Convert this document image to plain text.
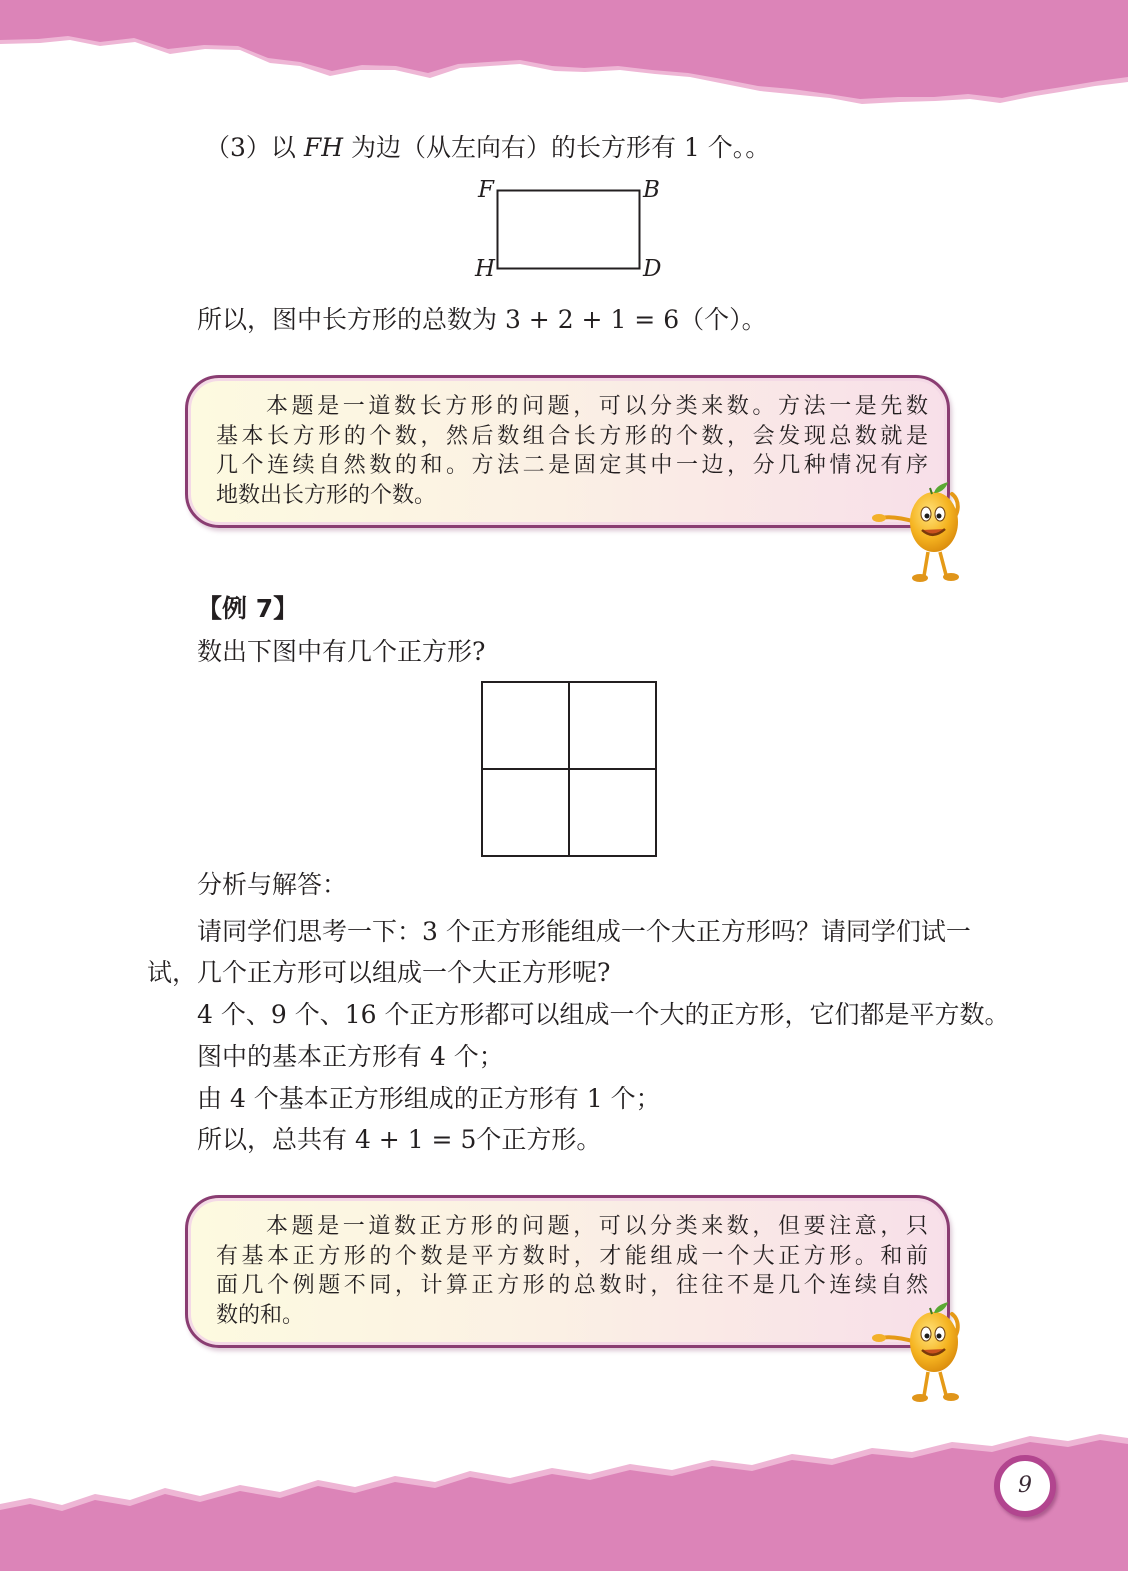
（3）以 FH 为边（从左向右）的长方形有 1 个。。
F	B
H	D
所以，图中长方形的总数为 3 + 2 + 1 = 6（个）。
本题是一道数长方形的问题，可以分类来数。方法一是先数
基本长方形的个数，然后数组合长方形的个数，会发现总数就是
几个连续自然数的和。方法二是固定其中一边，分几种情况有序
地数出长方形的个数。
【例 7】
数出下图中有几个正方形?
分析与解答：
请同学们思考一下：3 个正方形能组成一个大正方形吗？请同学们试一
试，几个正方形可以组成一个大正方形呢?
4 个、9 个、16 个正方形都可以组成一个大的正方形，它们都是平方数。
图中的基本正方形有 4 个；
由 4 个基本正方形组成的正方形有 1 个；
所以，总共有 4 + 1 = 5个正方形。
本题是一道数正方形的问题，可以分类来数，但要注意，只
有基本正方形的个数是平方数时，才能组成一个大正方形。和前
面几个例题不同，计算正方形的总数时，往往不是几个连续自然
数的和。
9
